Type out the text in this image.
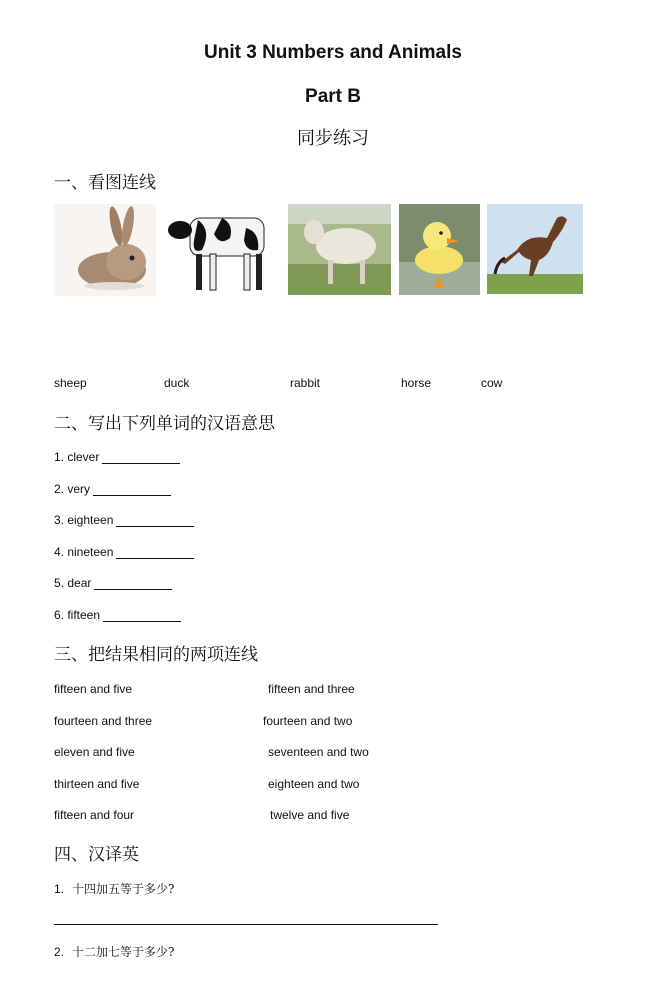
Unit 3 Numbers and Animals
Part B
同步练习
一、看图连线
sheep	duck	rabbit	horse	cow
二、写出下列单词的汉语意思
1. clever
2. very
3. eighteen
4. nineteen
5. dear
6. fifteen
三、把结果相同的两项连线
fifteen and five
fourteen and three
eleven and five
thirteen and five
fifteen and four
fifteen and three
fourteen and two
seventeen and two
eighteen and two
twelve and five
四、汉译英
1. 十四加五等于多少?
2. 十二加七等于多少?
